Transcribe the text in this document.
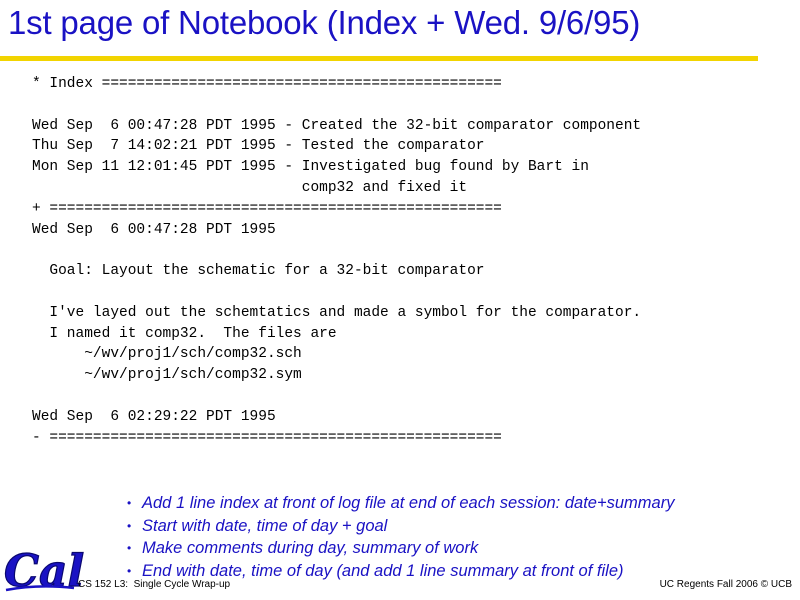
1st page of Notebook (Index + Wed. 9/6/95)
* Index ==============================================

Wed Sep  6 00:47:28 PDT 1995 - Created the 32-bit comparator component
Thu Sep  7 14:02:21 PDT 1995 - Tested the comparator
Mon Sep 11 12:01:45 PDT 1995 - Investigated bug found by Bart in
comp32 and fixed it
+ ====================================================
Wed Sep  6 00:47:28 PDT 1995

Goal: Layout the schematic for a 32-bit comparator

I've layed out the schemtatics and made a symbol for the comparator.
I named it comp32.  The files are
~/wv/proj1/sch/comp32.sch
~/wv/proj1/sch/comp32.sym

Wed Sep  6 02:29:22 PDT 1995
- ====================================================
• Add 1 line index at front of log file at end of each session: date+summary
• Start with date, time of day + goal
• Make comments during day, summary of work
• End with date, time of day (and add 1 line summary at front of file)
Cal
CS 152 L3:  Single Cycle Wrap-up	UC Regents Fall 2006 © UCB
